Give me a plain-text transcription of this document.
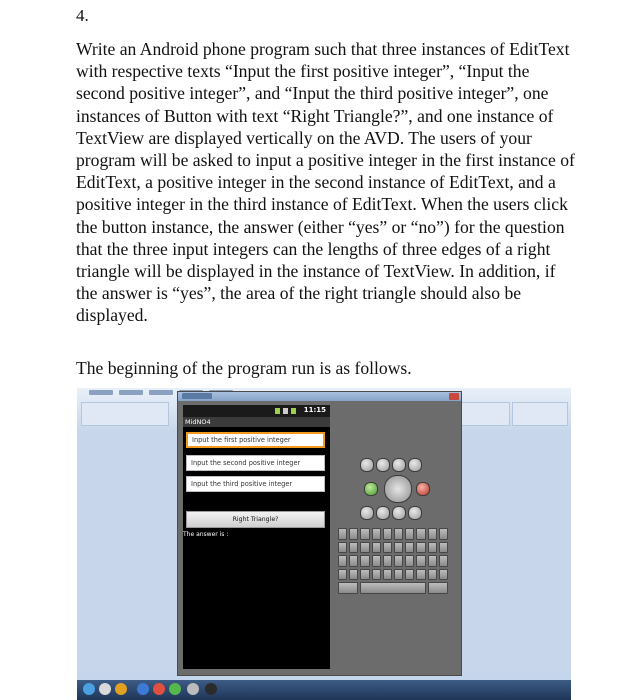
4.

Write an Android phone program such that three instances of EditText with respective texts “Input the first positive integer”, “Input the second positive integer”, and “Input the third positive integer”, one instances of Button with text “Right Triangle?”, and one instance of TextView are displayed vertically on the AVD. The users of your program will be asked to input a positive integer in the first instance of EditText, a positive integer in the second instance of EditText, and a positive integer in the third instance of EditText. When the users click the button instance, the answer (either “yes” or “no”) for the question that the three input integers can the lengths of three edges of a right triangle will be displayed in the instance of TextView. In addition, if the answer is “yes”, the area of the right triangle should also be displayed.

The beginning of the program run is as follows.

11:15
MidNO4
Input the first positive integer
Input the second positive integer
Input the third positive integer
Right Triangle?
The answer is :
